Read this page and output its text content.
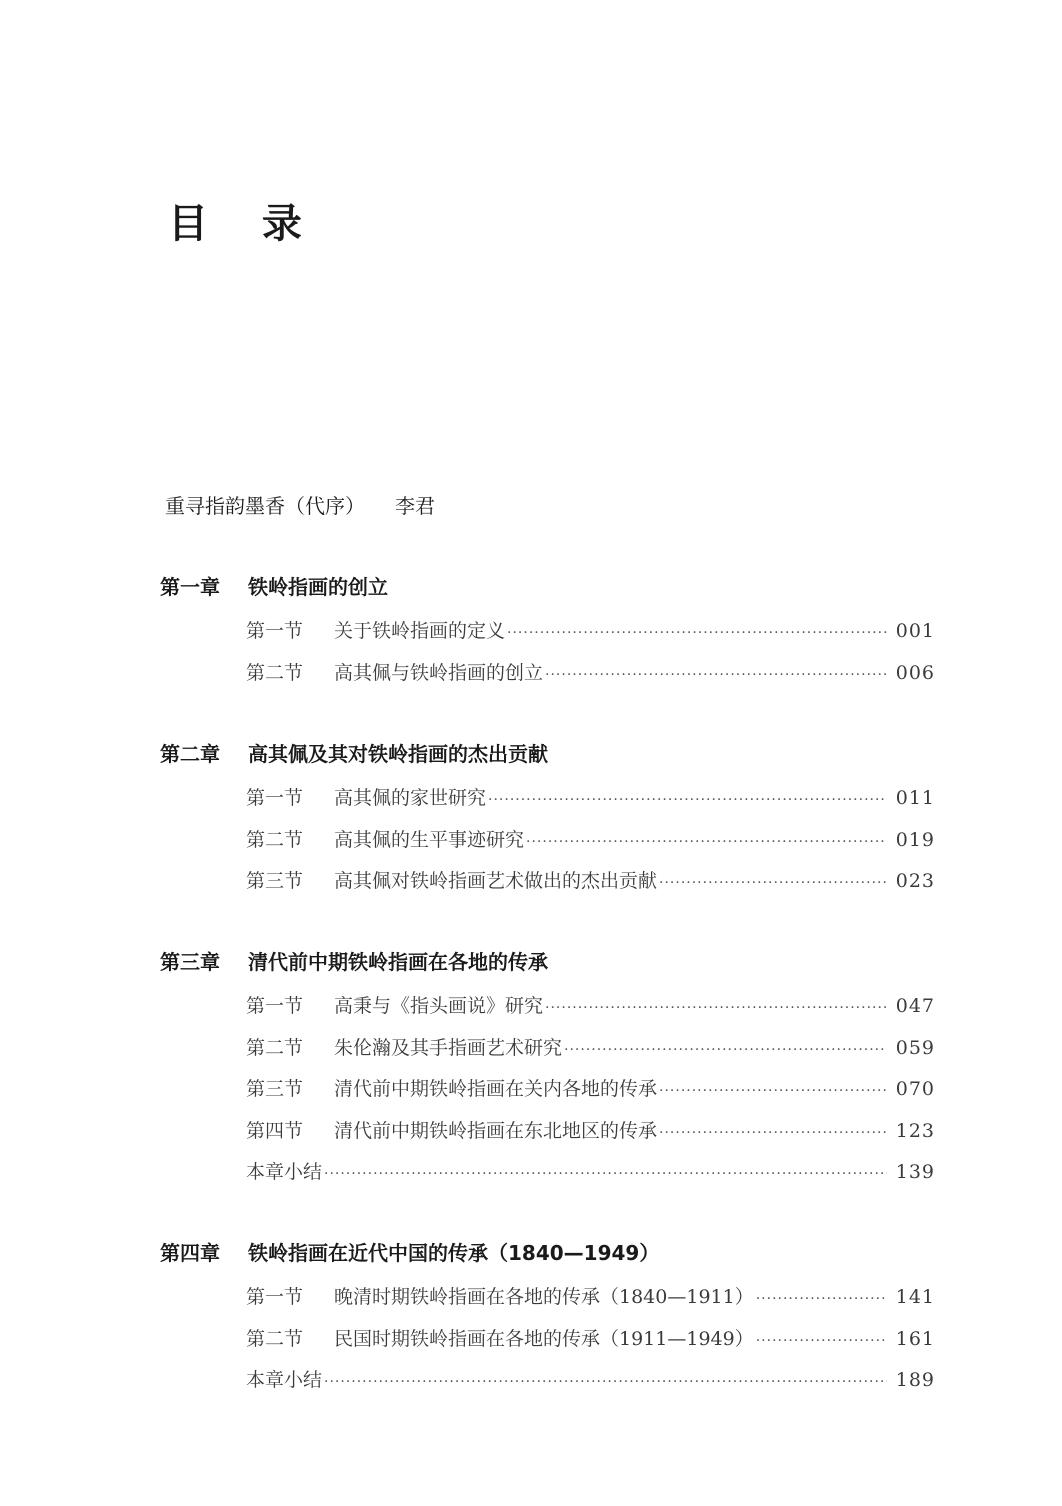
目 录
重寻指韵墨香（代序） 李君
第一章 铁岭指画的创立
第一节	关于铁岭指画的定义 ·····	001
第二节	高其佩与铁岭指画的创立 ·····	006
第二章 高其佩及其对铁岭指画的杰出贡献
第一节	高其佩的家世研究 ·····	011
第二节	高其佩的生平事迹研究 ·····	019
第三节	高其佩对铁岭指画艺术做出的杰出贡献 ·····	023
第三章 清代前中期铁岭指画在各地的传承
第一节	高秉与《指头画说》研究 ·····	047
第二节	朱伦瀚及其手指画艺术研究 ·····	059
第三节	清代前中期铁岭指画在关内各地的传承 ·····	070
第四节	清代前中期铁岭指画在东北地区的传承 ·····	123
本章小结 ·····	139
第四章 铁岭指画在近代中国的传承（1840—1949）
第一节	晚清时期铁岭指画在各地的传承（1840—1911） ·····	141
第二节	民国时期铁岭指画在各地的传承（1911—1949） ·····	161
本章小结 ·····	189
